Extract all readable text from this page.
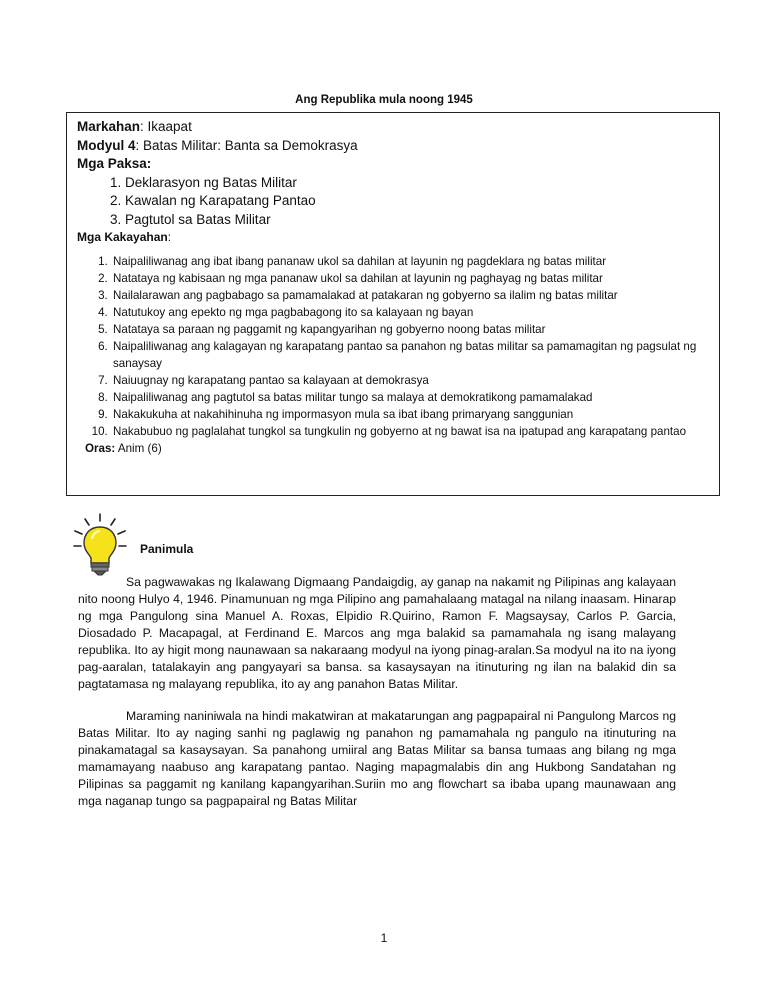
Ang Republika mula noong 1945
Markahan: Ikaapat
Modyul 4: Batas Militar: Banta sa Demokrasya
Mga Paksa:
1. Deklarasyon ng Batas Militar
2. Kawalan ng Karapatang Pantao
3. Pagtutol sa Batas Militar
Mga Kakayahan:
1. Naipaliliwanag ang ibat ibang pananaw ukol sa dahilan at layunin ng pagdeklara ng batas militar
2. Natataya ng kabisaan ng mga pananaw ukol sa dahilan at layunin ng paghayag ng batas militar
3. Nailalarawan ang pagbabago sa pamamalakad at patakaran ng gobyerno sa ilalim ng batas militar
4. Natutukoy ang epekto ng mga pagbabagong ito sa kalayaan ng bayan
5. Natataya sa paraan ng paggamit ng kapangyarihan ng gobyerno noong batas militar
6. Naipaliliwanag ang kalagayan ng karapatang pantao sa panahon ng batas militar sa pamamagitan ng pagsulat ng sanaysay
7. Naiuugnay ng karapatang pantao sa kalayaan at demokrasya
8. Naipaliliwanag ang pagtutol sa batas militar tungo sa malaya at demokratikong pamamalakad
9. Nakakukuha at nakahihinuha ng impormasyon mula sa ibat ibang primaryang sanggunian
10. Nakabubuo ng paglalahat tungkol sa tungkulin ng gobyerno at ng bawat isa na ipatupad ang karapatang pantao
Oras: Anim (6)
Panimula

Sa pagwawakas ng Ikalawang Digmaang Pandaigdig, ay ganap na nakamit ng Pilipinas ang kalayaan nito noong Hulyo 4, 1946. Pinamunuan ng mga Pilipino ang pamahalaang matagal na nilang inaasam. Hinarap ng mga Pangulong sina Manuel A. Roxas, Elpidio R.Quirino, Ramon F. Magsaysay, Carlos P. Garcia, Diosadado P. Macapagal, at Ferdinand E. Marcos ang mga balakid sa pamamahala ng isang malayang republika. Ito ay higit mong naunawaan sa nakaraang modyul na iyong pinag-aralan.Sa modyul na ito na iyong pag-aaralan, tatalakayin ang pangyayari sa bansa. sa kasaysayan na itinuturing ng ilan na balakid din sa pagtatamasa ng malayang republika, ito ay ang panahon Batas Militar.

Maraming naniniwala na hindi makatwiran at makatarungan ang pagpapairal ni Pangulong Marcos ng Batas Militar. Ito ay naging sanhi ng paglawig ng panahon ng pamamahala ng pangulo na itinuturing na pinakamatagal sa kasaysayan. Sa panahong umiiral ang Batas Militar sa bansa tumaas ang bilang ng mga mamamayang naabuso ang karapatang pantao. Naging mapagmalabis din ang Hukbong Sandatahan ng Pilipinas sa paggamit ng kanilang kapangyarihan.Suriin mo ang flowchart sa ibaba upang maunawaan ang mga naganap tungo sa pagpapairal ng Batas Militar

1
